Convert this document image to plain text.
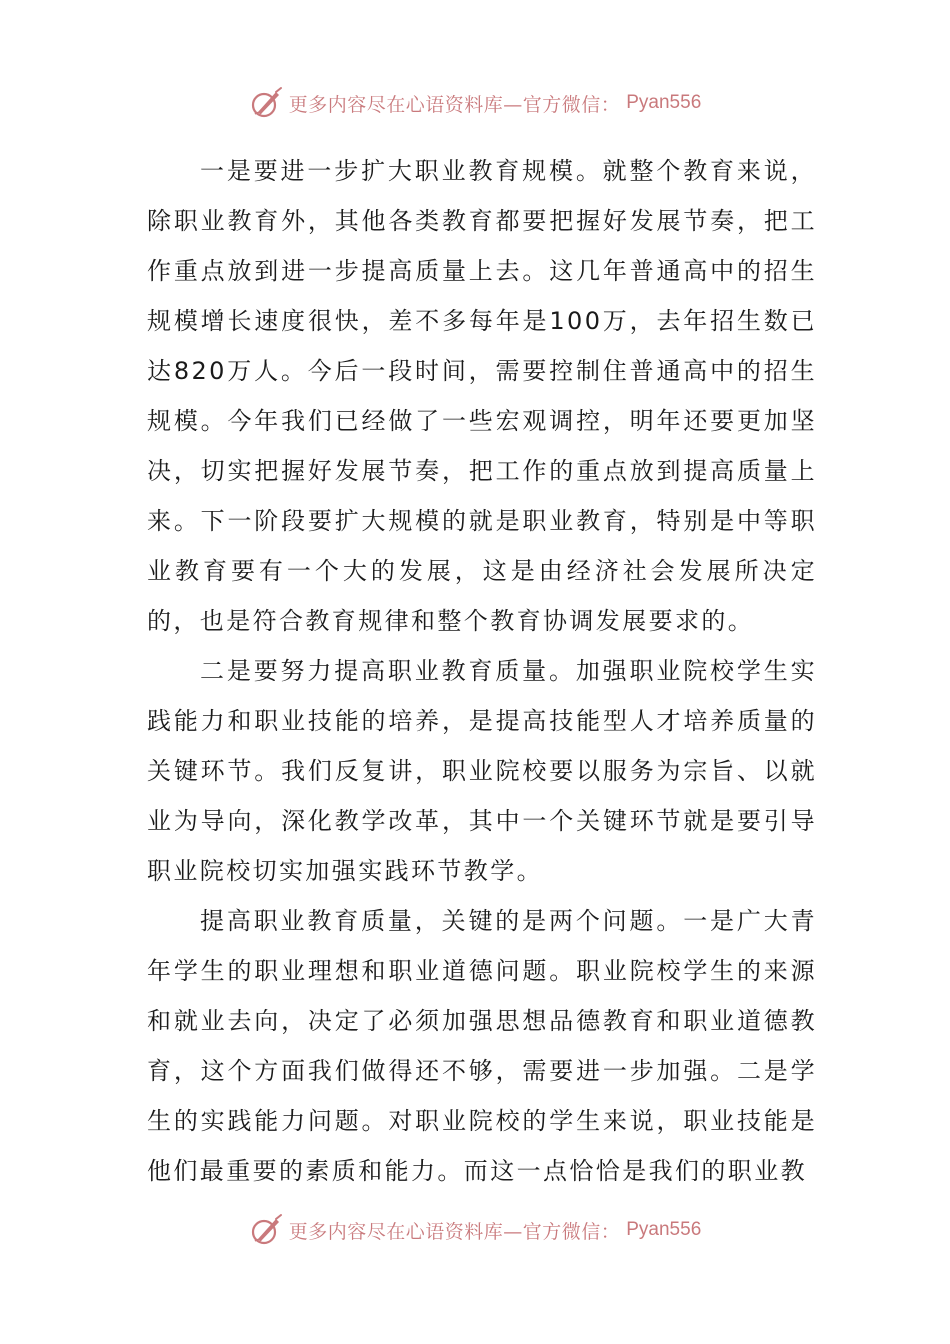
更多内容尽在心语资料库—官方微信： Pyan556

一是要进一步扩大职业教育规模。就整个教育来说，除职业教育外，其他各类教育都要把握好发展节奏，把工作重点放到进一步提高质量上去。这几年普通高中的招生规模增长速度很快，差不多每年是100万，去年招生数已达820万人。今后一段时间，需要控制住普通高中的招生规模。今年我们已经做了一些宏观调控，明年还要更加坚决，切实把握好发展节奏，把工作的重点放到提高质量上来。下一阶段要扩大规模的就是职业教育，特别是中等职业教育要有一个大的发展，这是由经济社会发展所决定的，也是符合教育规律和整个教育协调发展要求的。

二是要努力提高职业教育质量。加强职业院校学生实践能力和职业技能的培养，是提高技能型人才培养质量的关键环节。我们反复讲，职业院校要以服务为宗旨、以就业为导向，深化教学改革，其中一个关键环节就是要引导职业院校切实加强实践环节教学。

提高职业教育质量，关键的是两个问题。一是广大青年学生的职业理想和职业道德问题。职业院校学生的来源和就业去向，决定了必须加强思想品德教育和职业道德教育，这个方面我们做得还不够，需要进一步加强。二是学生的实践能力问题。对职业院校的学生来说，职业技能是他们最重要的素质和能力。而这一点恰恰是我们的职业教

更多内容尽在心语资料库—官方微信： Pyan556
